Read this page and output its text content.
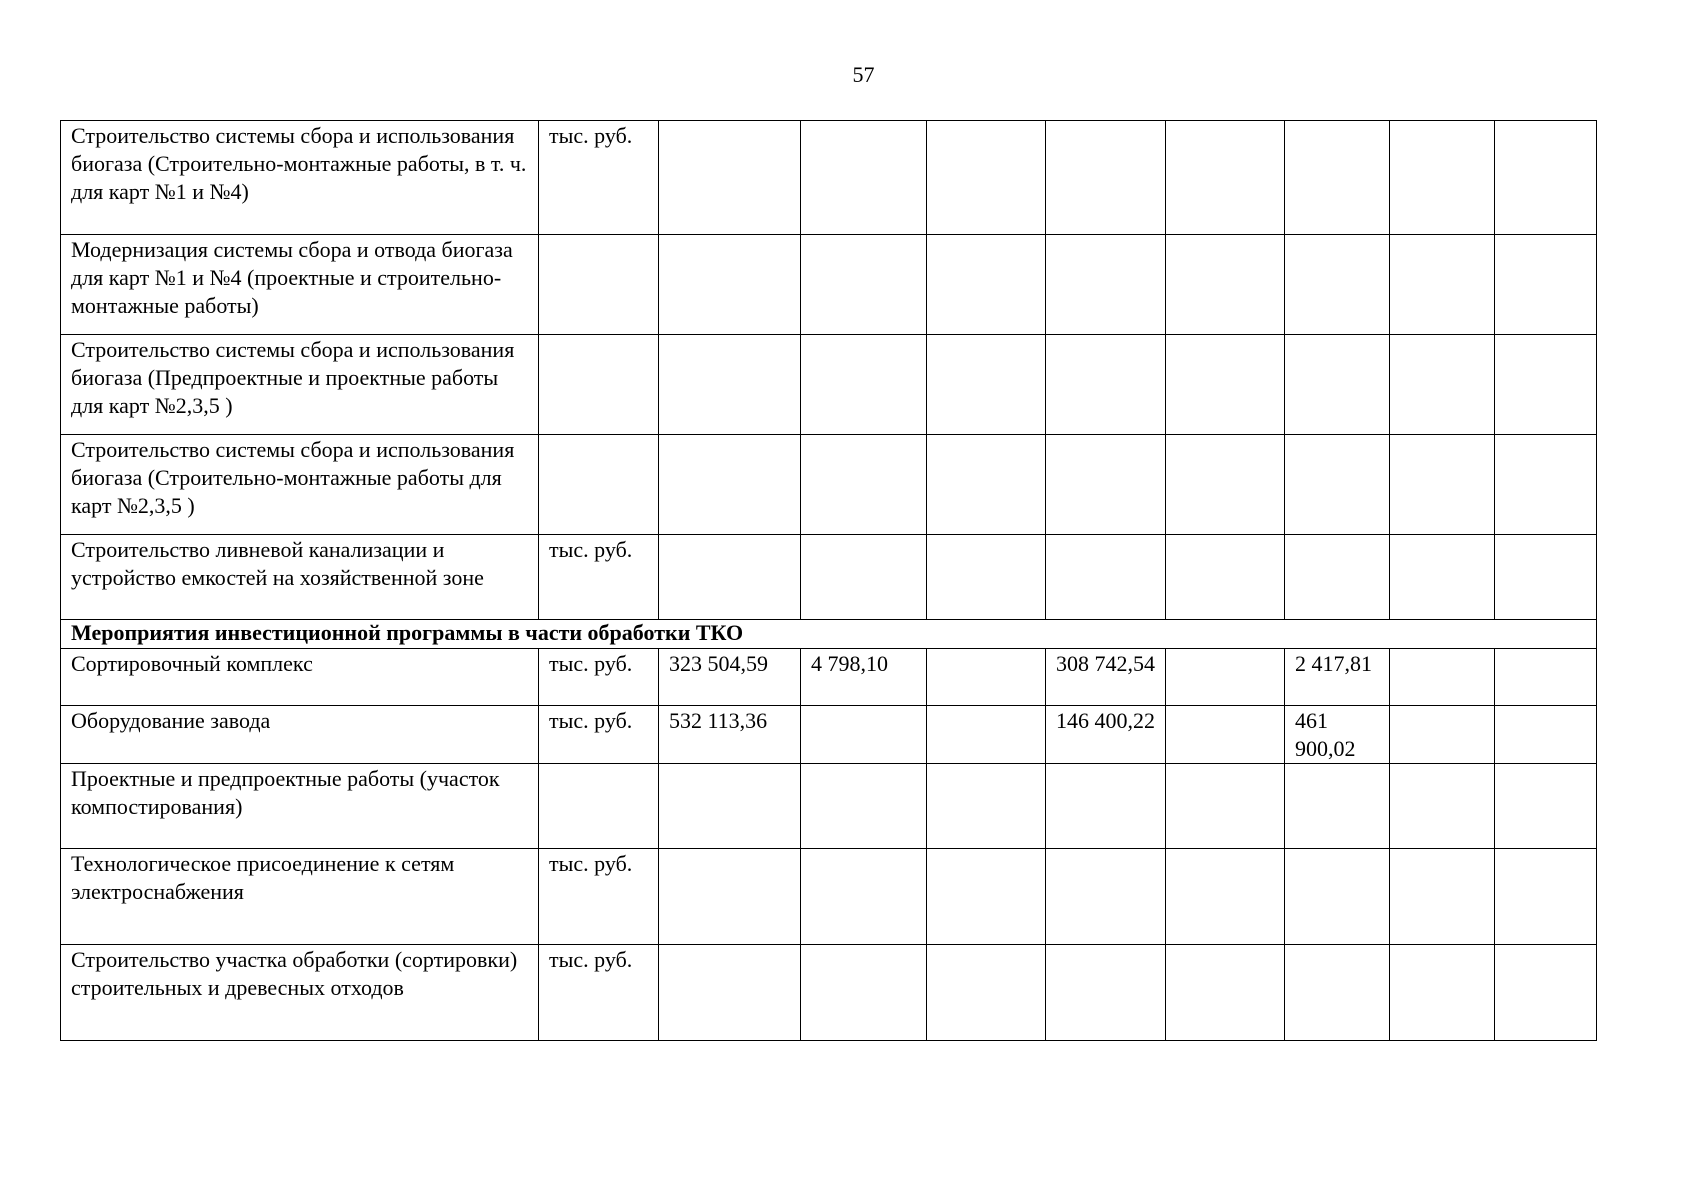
57
Строительство системы сбора и использования биогаза (Строительно-монтажные работы, в т. ч. для карт №1 и №4)	тыс. руб.								
Модернизация системы сбора и отвода биогаза для карт №1 и №4 (проектные и строительно-монтажные работы)									
Строительство системы сбора и использования биогаза (Предпроектные и проектные работы для карт №2,3,5 )									
Строительство системы сбора и использования биогаза (Строительно-монтажные работы для карт №2,3,5 )									
Строительство ливневой канализации и устройство емкостей на хозяйственной зоне	тыс. руб.								
Мероприятия инвестиционной программы в части обработки ТКО									
Сортировочный комплекс	тыс. руб.	323 504,59	4 798,10		308 742,54		2 417,81		
Оборудование завода	тыс. руб.	532 113,36			146 400,22		461 900,02		
Проектные и предпроектные работы (участок компостирования)									
Технологическое присоединение к сетям электроснабжения	тыс. руб.								
Строительство участка обработки (сортировки) строительных и древесных отходов	тыс. руб.								
